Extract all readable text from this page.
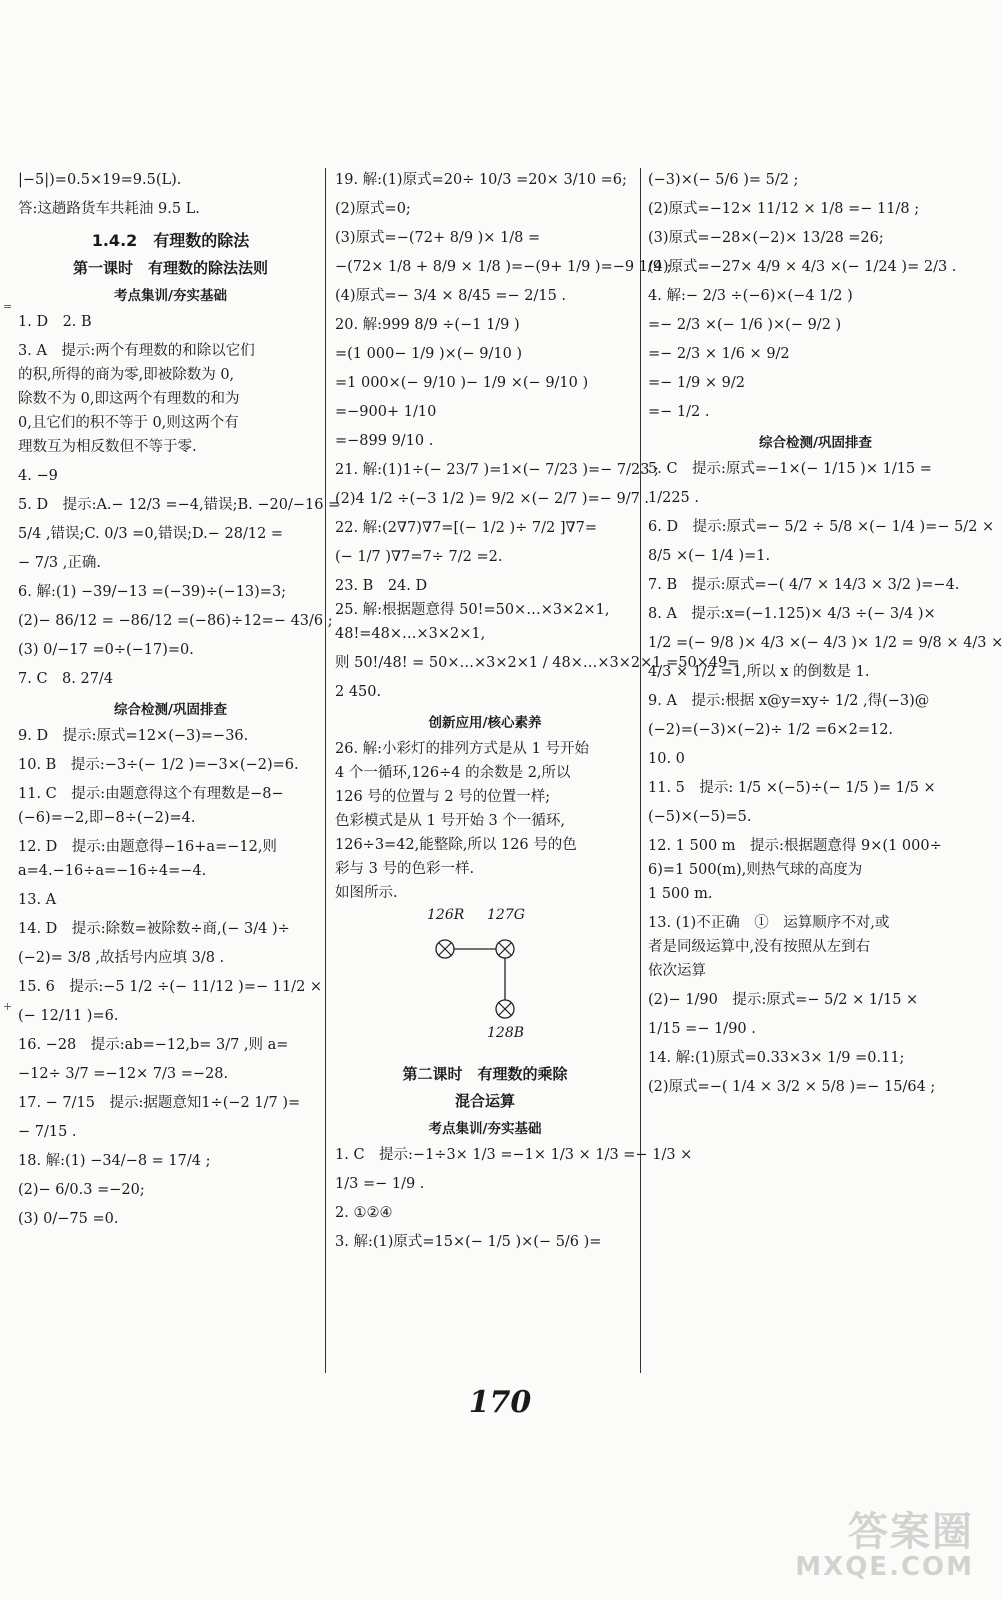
=
+
|−5|)=0.5×19=9.5(L).
答:这趟路货车共耗油 9.5 L.
1.4.2　有理数的除法
第一课时　有理数的除法法则
考点集训/夯实基础
1. D　2. B
3. A　提示:两个有理数的和除以它们
的积,所得的商为零,即被除数为 0,
除数不为 0,即这两个有理数的和为
0,且它们的积不等于 0,则这两个有
理数互为相反数但不等于零.
4. −9
5. D　提示:A.− 12/3 =−4,错误;B. −20/−16 =
5/4 ,错误;C. 0/3 =0,错误;D.− 28/12 =
− 7/3 ,正确.
6. 解:(1) −39/−13 =(−39)÷(−13)=3;
(2)− 86/12 = −86/12 =(−86)÷12=− 43/6 ;
(3) 0/−17 =0÷(−17)=0.
7. C　8. 27/4
综合检测/巩固排查
9. D　提示:原式=12×(−3)=−36.
10. B　提示:−3÷(− 1/2 )=−3×(−2)=6.
11. C　提示:由题意得这个有理数是−8−
(−6)=−2,即−8÷(−2)=4.
12. D　提示:由题意得−16+a=−12,则
a=4.−16÷a=−16÷4=−4.
13. A
14. D　提示:除数=被除数÷商,(− 3/4 )÷
(−2)= 3/8 ,故括号内应填 3/8 .
15. 6　提示:−5 1/2 ÷(− 11/12 )=− 11/2 ×
(− 12/11 )=6.
16. −28　提示:ab=−12,b= 3/7 ,则 a=
−12÷ 3/7 =−12× 7/3 =−28.
17. − 7/15　提示:据题意知1÷(−2 1/7 )=
− 7/15 .
18. 解:(1) −34/−8 = 17/4 ;
(2)− 6/0.3 =−20;
(3) 0/−75 =0.
19. 解:(1)原式=20÷ 10/3 =20× 3/10 =6;
(2)原式=0;
(3)原式=−(72+ 8/9 )× 1/8 =
−(72× 1/8 + 8/9 × 1/8 )=−(9+ 1/9 )=−9 1/9 ;
(4)原式=− 3/4 × 8/45 =− 2/15 .
20. 解:999 8/9 ÷(−1 1/9 )
=(1 000− 1/9 )×(− 9/10 )
=1 000×(− 9/10 )− 1/9 ×(− 9/10 )
=−900+ 1/10
=−899 9/10 .
21. 解:(1)1÷(− 23/7 )=1×(− 7/23 )=− 7/23 ;
(2)4 1/2 ÷(−3 1/2 )= 9/2 ×(− 2/7 )=− 9/7 .
22. 解:(2∇7)∇7=[(− 1/2 )÷ 7/2 ]∇7=
(− 1/7 )∇7=7÷ 7/2 =2.
23. B　24. D
25. 解:根据题意得 50!=50×…×3×2×1,
48!=48×…×3×2×1,
则 50!/48! = 50×…×3×2×1 / 48×…×3×2×1 =50×49=
2 450.
创新应用/核心素养
26. 解:小彩灯的排列方式是从 1 号开始
4 个一循环,126÷4 的余数是 2,所以
126 号的位置与 2 号的位置一样;
色彩模式是从 1 号开始 3 个一循环,
126÷3=42,能整除,所以 126 号的色
彩与 3 号的色彩一样.
如图所示.
126R 127G
128B
第二课时　有理数的乘除
混合运算
考点集训/夯实基础
1. C　提示:−1÷3× 1/3 =−1× 1/3 × 1/3 =− 1/3 ×
1/3 =− 1/9 .
2. ①②④
3. 解:(1)原式=15×(− 1/5 )×(− 5/6 )=
(−3)×(− 5/6 )= 5/2 ;
(2)原式=−12× 11/12 × 1/8 =− 11/8 ;
(3)原式=−28×(−2)× 13/28 =26;
(4)原式=−27× 4/9 × 4/3 ×(− 1/24 )= 2/3 .
4. 解:− 2/3 ÷(−6)×(−4 1/2 )
=− 2/3 ×(− 1/6 )×(− 9/2 )
=− 2/3 × 1/6 × 9/2
=− 1/9 × 9/2
=− 1/2 .
综合检测/巩固排查
5. C　提示:原式=−1×(− 1/15 )× 1/15 =
1/225 .
6. D　提示:原式=− 5/2 ÷ 5/8 ×(− 1/4 )=− 5/2 ×
8/5 ×(− 1/4 )=1.
7. B　提示:原式=−( 4/7 × 14/3 × 3/2 )=−4.
8. A　提示:x=(−1.125)× 4/3 ÷(− 3/4 )×
1/2 =(− 9/8 )× 4/3 ×(− 4/3 )× 1/2 = 9/8 × 4/3 ×
4/3 × 1/2 =1,所以 x 的倒数是 1.
9. A　提示:根据 x@y=xy÷ 1/2 ,得(−3)@
(−2)=(−3)×(−2)÷ 1/2 =6×2=12.
10. 0
11. 5　提示: 1/5 ×(−5)÷(− 1/5 )= 1/5 ×
(−5)×(−5)=5.
12. 1 500 m　提示:根据题意得 9×(1 000÷
6)=1 500(m),则热气球的高度为
1 500 m.
13. (1)不正确　①　运算顺序不对,或
者是同级运算中,没有按照从左到右
依次运算
(2)− 1/90　提示:原式=− 5/2 × 1/15 ×
1/15 =− 1/90 .
14. 解:(1)原式=0.33×3× 1/9 =0.11;
(2)原式=−( 1/4 × 3/2 × 5/8 )=− 15/64 ;
170
答案圈
MXQE.COM
